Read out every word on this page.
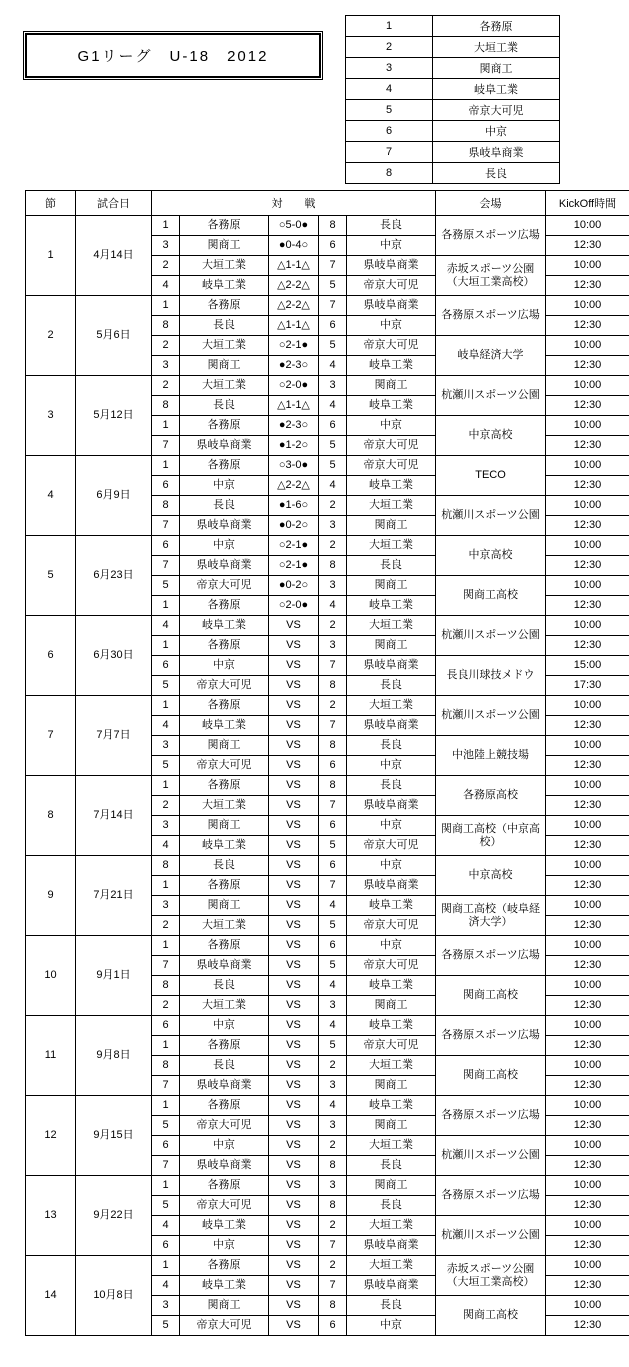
G1リーグ　U-18　2012
1	各務原
2	大垣工業
3	関商工
4	岐阜工業
5	帝京大可児
6	中京
7	県岐阜商業
8	長良
節	試合日	対　　戦					会場	KickOff時間
1	4月14日	1	各務原	○5-0●	8	長良	各務原スポーツ広場	10:00
		3	関商工	●0-4○	6	中京		12:30
		2	大垣工業	△1-1△	7	県岐阜商業	赤坂スポーツ公園（大垣工業高校）	10:00
		4	岐阜工業	△2-2△	5	帝京大可児		12:30
2	5月6日	1	各務原	△2-2△	7	県岐阜商業	各務原スポーツ広場	10:00
		8	長良	△1-1△	6	中京		12:30
		2	大垣工業	○2-1●	5	帝京大可児	岐阜経済大学	10:00
		3	関商工	●2-3○	4	岐阜工業		12:30
3	5月12日	2	大垣工業	○2-0●	3	関商工	杭瀬川スポーツ公園	10:00
		8	長良	△1-1△	4	岐阜工業		12:30
		1	各務原	●2-3○	6	中京	中京高校	10:00
		7	県岐阜商業	●1-2○	5	帝京大可児		12:30
4	6月9日	1	各務原	○3-0●	5	帝京大可児	TECO	10:00
		6	中京	△2-2△	4	岐阜工業		12:30
		8	長良	●1-6○	2	大垣工業	杭瀬川スポーツ公園	10:00
		7	県岐阜商業	●0-2○	3	関商工		12:30
5	6月23日	6	中京	○2-1●	2	大垣工業	中京高校	10:00
		7	県岐阜商業	○2-1●	8	長良		12:30
		5	帝京大可児	●0-2○	3	関商工	関商工高校	10:00
		1	各務原	○2-0●	4	岐阜工業		12:30
6	6月30日	4	岐阜工業	VS	2	大垣工業	杭瀬川スポーツ公園	10:00
		1	各務原	VS	3	関商工		12:30
		6	中京	VS	7	県岐阜商業	長良川球技メドウ	15:00
		5	帝京大可児	VS	8	長良		17:30
7	7月7日	1	各務原	VS	2	大垣工業	杭瀬川スポーツ公園	10:00
		4	岐阜工業	VS	7	県岐阜商業		12:30
		3	関商工	VS	8	長良	中池陸上競技場	10:00
		5	帝京大可児	VS	6	中京		12:30
8	7月14日	1	各務原	VS	8	長良	各務原高校	10:00
		2	大垣工業	VS	7	県岐阜商業		12:30
		3	関商工	VS	6	中京	関商工高校（中京高校）	10:00
		4	岐阜工業	VS	5	帝京大可児		12:30
9	7月21日	8	長良	VS	6	中京	中京高校	10:00
		1	各務原	VS	7	県岐阜商業		12:30
		3	関商工	VS	4	岐阜工業	関商工高校（岐阜経済大学）	10:00
		2	大垣工業	VS	5	帝京大可児		12:30
10	9月1日	1	各務原	VS	6	中京	各務原スポーツ広場	10:00
		7	県岐阜商業	VS	5	帝京大可児		12:30
		8	長良	VS	4	岐阜工業	関商工高校	10:00
		2	大垣工業	VS	3	関商工		12:30
11	9月8日	6	中京	VS	4	岐阜工業	各務原スポーツ広場	10:00
		1	各務原	VS	5	帝京大可児		12:30
		8	長良	VS	2	大垣工業	関商工高校	10:00
		7	県岐阜商業	VS	3	関商工		12:30
12	9月15日	1	各務原	VS	4	岐阜工業	各務原スポーツ広場	10:00
		5	帝京大可児	VS	3	関商工		12:30
		6	中京	VS	2	大垣工業	杭瀬川スポーツ公園	10:00
		7	県岐阜商業	VS	8	長良		12:30
13	9月22日	1	各務原	VS	3	関商工	各務原スポーツ広場	10:00
		5	帝京大可児	VS	8	長良		12:30
		4	岐阜工業	VS	2	大垣工業	杭瀬川スポーツ公園	10:00
		6	中京	VS	7	県岐阜商業		12:30
14	10月8日	1	各務原	VS	2	大垣工業	赤坂スポーツ公園（大垣工業高校）	10:00
		4	岐阜工業	VS	7	県岐阜商業		12:30
		3	関商工	VS	8	長良	関商工高校	10:00
		5	帝京大可児	VS	6	中京		12:30
